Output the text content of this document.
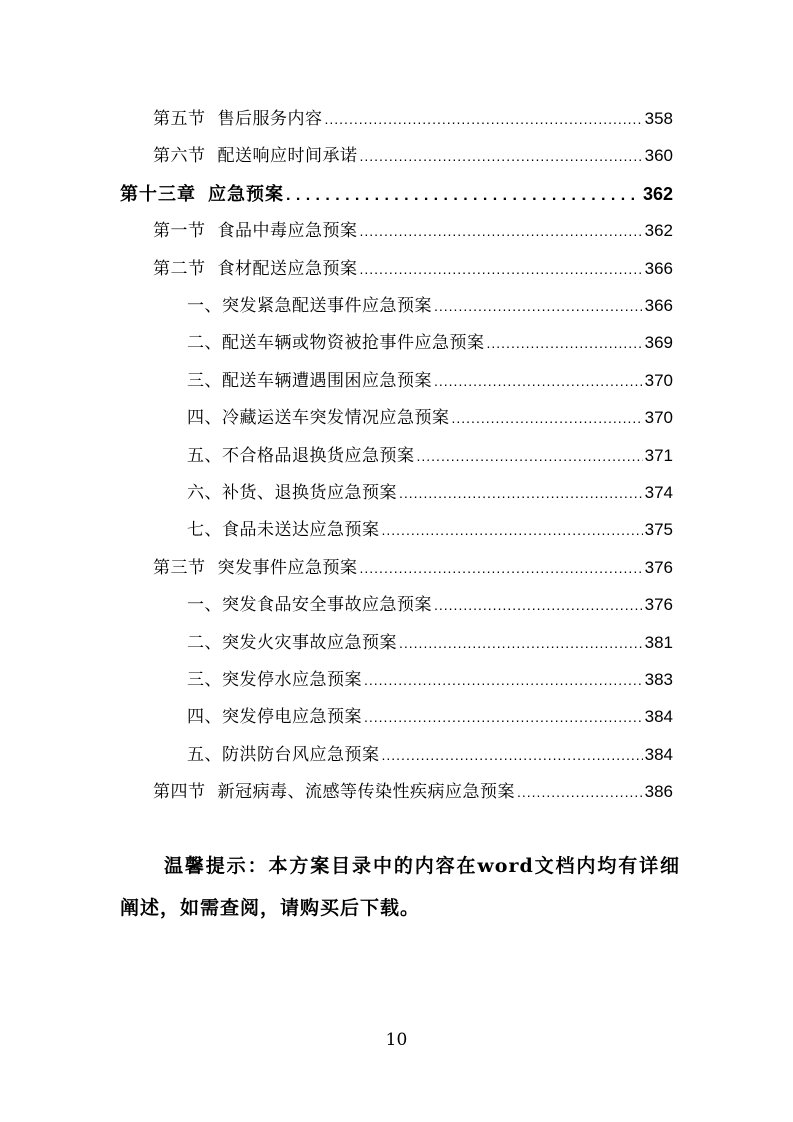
第五节 售后服务内容 .....	358
第六节 配送响应时间承诺 .....	360
第十三章 应急预案 .....	362
第一节 食品中毒应急预案 .....	362
第二节 食材配送应急预案 .....	366
一、突发紧急配送事件应急预案 .....	366
二、配送车辆或物资被抢事件应急预案 .....	369
三、配送车辆遭遇围困应急预案 .....	370
四、冷藏运送车突发情况应急预案 .....	370
五、不合格品退换货应急预案 .....	371
六、补货、退换货应急预案 .....	374
七、食品未送达应急预案 .....	375
第三节 突发事件应急预案 .....	376
一、突发食品安全事故应急预案 .....	376
二、突发火灾事故应急预案 .....	381
三、突发停水应急预案 .....	383
四、突发停电应急预案 .....	384
五、防洪防台风应急预案 .....	384
第四节 新冠病毒、流感等传染性疾病应急预案 .....	386
温馨提示：本方案目录中的内容在word文档内均有详细阐述，如需查阅，请购买后下载。
10
